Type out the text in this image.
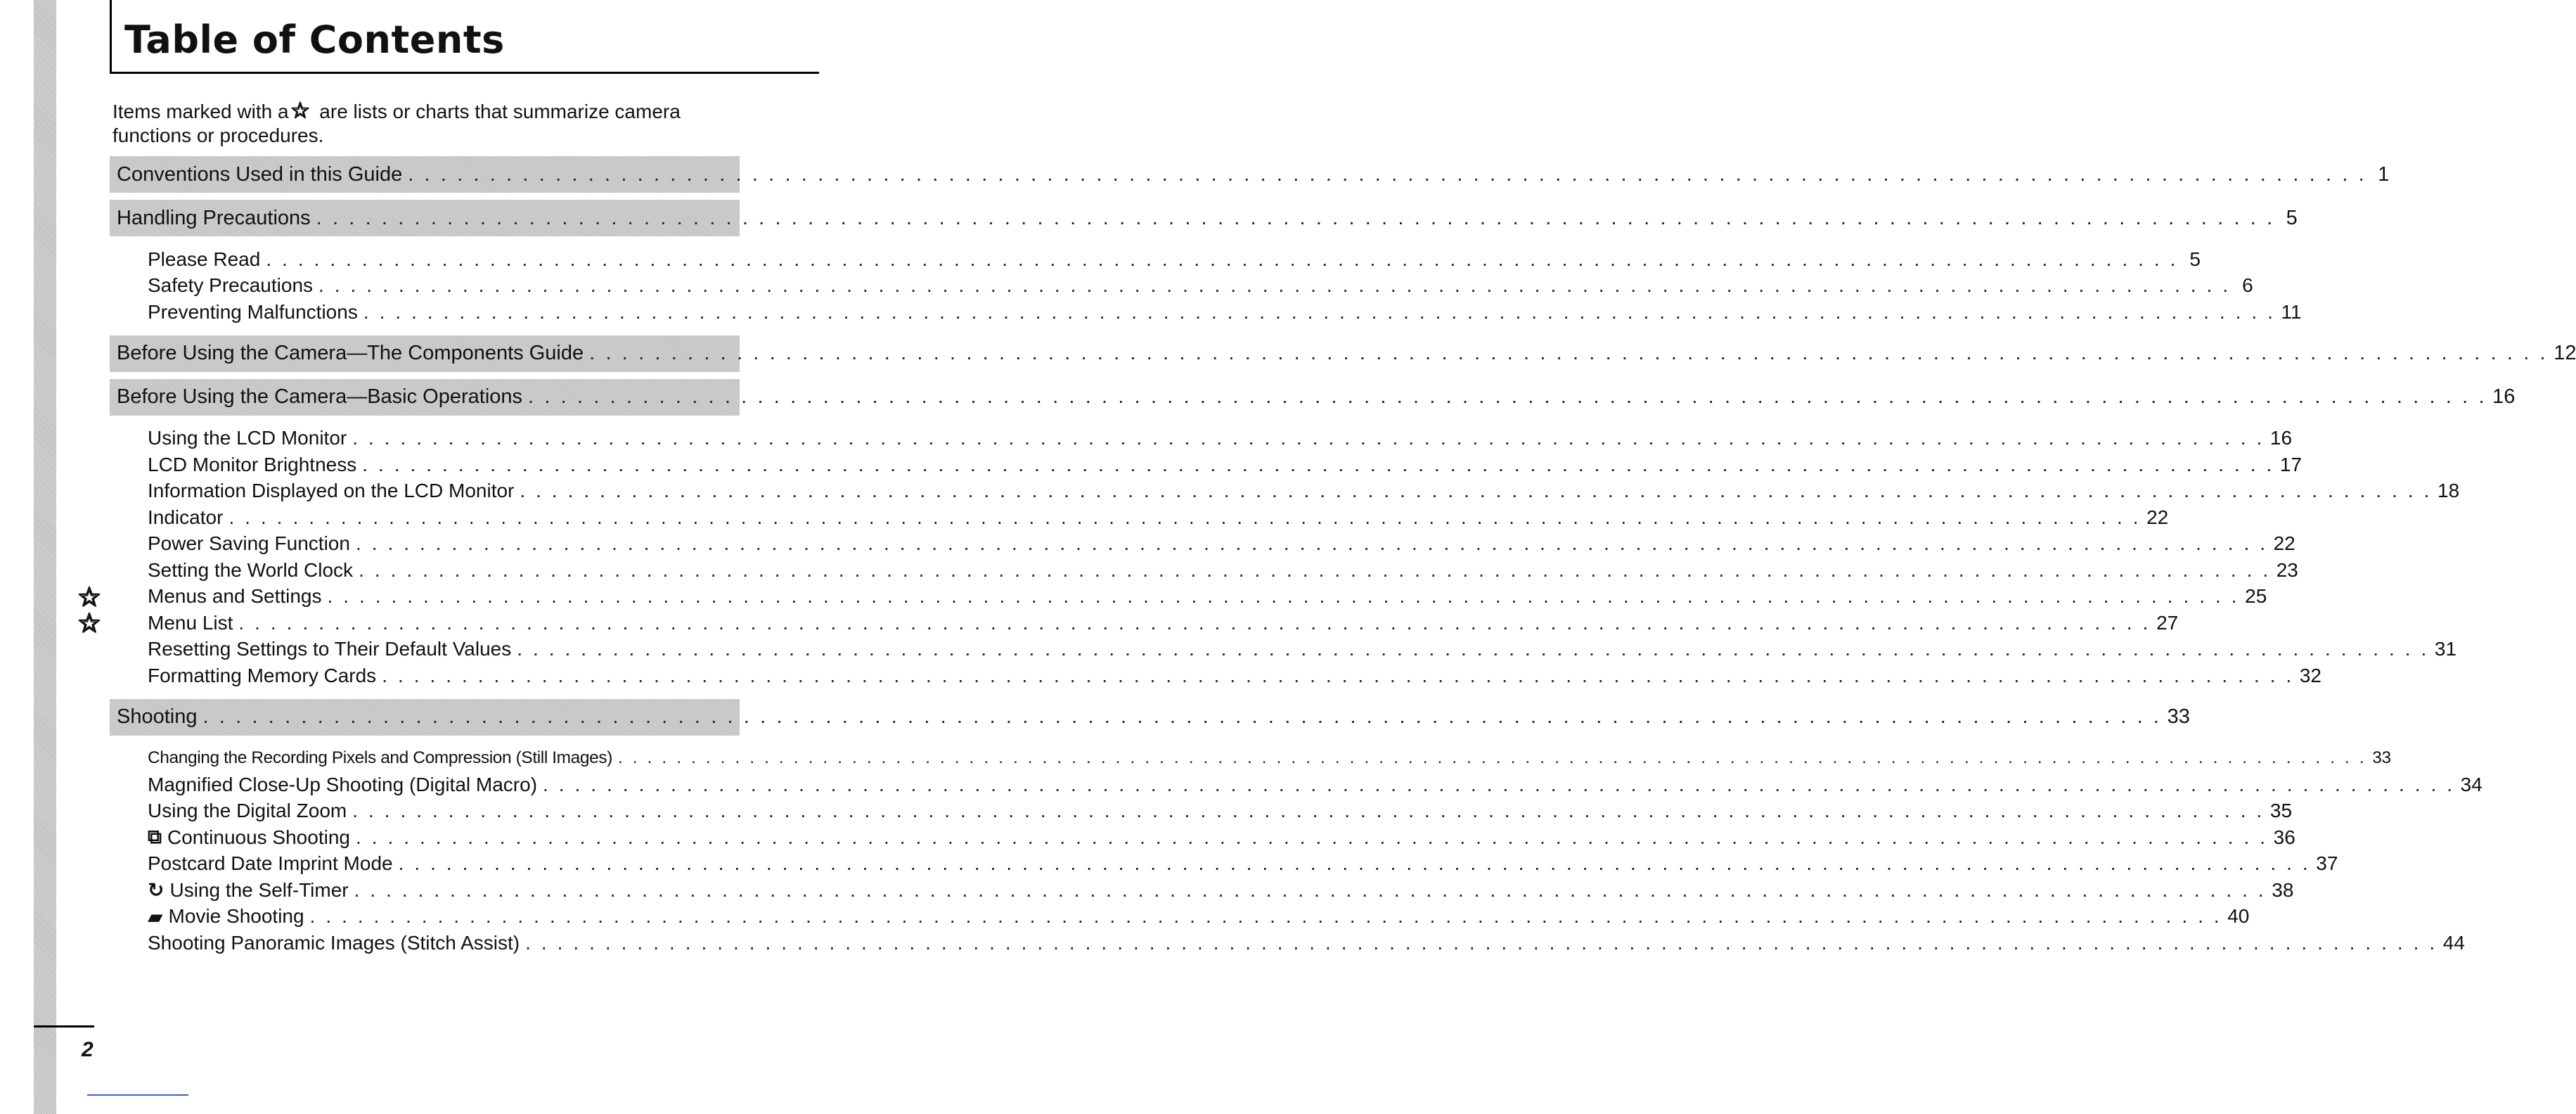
Table of Contents

Items marked with a
are lists or charts that summarize camera functions or procedures.

Conventions Used in this Guide . . . . . . . . . . . . . . . . . . . . . . . . . . . . . . . . . . . . . . . . . . . . . . . . . . . . . . . . . . . . . . . . . . . . . . . . . . . . . . . . . . . . . . . . . . . . . . . . . . . . . . . . . . . . . . . . . . . . . . . . 1
Handling Precautions . . . . . . . . . . . . . . . . . . . . . . . . . . . . . . . . . . . . . . . . . . . . . . . . . . . . . . . . . . . . . . . . . . . . . . . . . . . . . . . . . . . . . . . . . . . . . . . . . . . . . . . . . . . . . . . . . . . . . . . . 5
Please Read . . . . . . . . . . . . . . . . . . . . . . . . . . . . . . . . . . . . . . . . . . . . . . . . . . . . . . . . . . . . . . . . . . . . . . . . . . . . . . . . . . . . . . . . . . . . . . . . . . . . . . . . . . . . . . . . . . . . . . . . 5
Safety Precautions . . . . . . . . . . . . . . . . . . . . . . . . . . . . . . . . . . . . . . . . . . . . . . . . . . . . . . . . . . . . . . . . . . . . . . . . . . . . . . . . . . . . . . . . . . . . . . . . . . . . . . . . . . . . . . . . . . . . . . . . 6
Preventing Malfunctions . . . . . . . . . . . . . . . . . . . . . . . . . . . . . . . . . . . . . . . . . . . . . . . . . . . . . . . . . . . . . . . . . . . . . . . . . . . . . . . . . . . . . . . . . . . . . . . . . . . . . . . . . . . . . . . . . . . . . . . . 11
Before Using the Camera—The Components Guide . . . . . . . . . . . . . . . . . . . . . . . . . . . . . . . . . . . . . . . . . . . . . . . . . . . . . . . . . . . . . . . . . . . . . . . . . . . . . . . . . . . . . . . . . . . . . . . . . . . . . . . . . . . . . . . . . . . . . . . . 12
Before Using the Camera—Basic Operations . . . . . . . . . . . . . . . . . . . . . . . . . . . . . . . . . . . . . . . . . . . . . . . . . . . . . . . . . . . . . . . . . . . . . . . . . . . . . . . . . . . . . . . . . . . . . . . . . . . . . . . . . . . . . . . . . . . . . . . . 16
Using the LCD Monitor . . . . . . . . . . . . . . . . . . . . . . . . . . . . . . . . . . . . . . . . . . . . . . . . . . . . . . . . . . . . . . . . . . . . . . . . . . . . . . . . . . . . . . . . . . . . . . . . . . . . . . . . . . . . . . . . . . . . . . . . 16
LCD Monitor Brightness . . . . . . . . . . . . . . . . . . . . . . . . . . . . . . . . . . . . . . . . . . . . . . . . . . . . . . . . . . . . . . . . . . . . . . . . . . . . . . . . . . . . . . . . . . . . . . . . . . . . . . . . . . . . . . . . . . . . . . . . 17
Information Displayed on the LCD Monitor . . . . . . . . . . . . . . . . . . . . . . . . . . . . . . . . . . . . . . . . . . . . . . . . . . . . . . . . . . . . . . . . . . . . . . . . . . . . . . . . . . . . . . . . . . . . . . . . . . . . . . . . . . . . . . . . . . . . . . . . 18
Indicator . . . . . . . . . . . . . . . . . . . . . . . . . . . . . . . . . . . . . . . . . . . . . . . . . . . . . . . . . . . . . . . . . . . . . . . . . . . . . . . . . . . . . . . . . . . . . . . . . . . . . . . . . . . . . . . . . . . . . . . . 22
Power Saving Function . . . . . . . . . . . . . . . . . . . . . . . . . . . . . . . . . . . . . . . . . . . . . . . . . . . . . . . . . . . . . . . . . . . . . . . . . . . . . . . . . . . . . . . . . . . . . . . . . . . . . . . . . . . . . . . . . . . . . . . . 22
Setting the World Clock . . . . . . . . . . . . . . . . . . . . . . . . . . . . . . . . . . . . . . . . . . . . . . . . . . . . . . . . . . . . . . . . . . . . . . . . . . . . . . . . . . . . . . . . . . . . . . . . . . . . . . . . . . . . . . . . . . . . . . . . 23
Menus and Settings . . . . . . . . . . . . . . . . . . . . . . . . . . . . . . . . . . . . . . . . . . . . . . . . . . . . . . . . . . . . . . . . . . . . . . . . . . . . . . . . . . . . . . . . . . . . . . . . . . . . . . . . . . . . . . . . . . . . . . . . 25
Menu List . . . . . . . . . . . . . . . . . . . . . . . . . . . . . . . . . . . . . . . . . . . . . . . . . . . . . . . . . . . . . . . . . . . . . . . . . . . . . . . . . . . . . . . . . . . . . . . . . . . . . . . . . . . . . . . . . . . . . . . . 27
Resetting Settings to Their Default Values . . . . . . . . . . . . . . . . . . . . . . . . . . . . . . . . . . . . . . . . . . . . . . . . . . . . . . . . . . . . . . . . . . . . . . . . . . . . . . . . . . . . . . . . . . . . . . . . . . . . . . . . . . . . . . . . . . . . . . . . 31
Formatting Memory Cards . . . . . . . . . . . . . . . . . . . . . . . . . . . . . . . . . . . . . . . . . . . . . . . . . . . . . . . . . . . . . . . . . . . . . . . . . . . . . . . . . . . . . . . . . . . . . . . . . . . . . . . . . . . . . . . . . . . . . . . . 32
Shooting . . . . . . . . . . . . . . . . . . . . . . . . . . . . . . . . . . . . . . . . . . . . . . . . . . . . . . . . . . . . . . . . . . . . . . . . . . . . . . . . . . . . . . . . . . . . . . . . . . . . . . . . . . . . . . . . . . . . . . . . 33
Changing the Recording Pixels and Compression (Still Images) . . . . . . . . . . . . . . . . . . . . . . . . . . . . . . . . . . . . . . . . . . . . . . . . . . . . . . . . . . . . . . . . . . . . . . . . . . . . . . . . . . . . . . . . . . . . . . . . . . . . . . . . . . . . . . . . . . . . . . . . 33
Magnified Close-Up Shooting (Digital Macro) . . . . . . . . . . . . . . . . . . . . . . . . . . . . . . . . . . . . . . . . . . . . . . . . . . . . . . . . . . . . . . . . . . . . . . . . . . . . . . . . . . . . . . . . . . . . . . . . . . . . . . . . . . . . . . . . . . . . . . . . 34
Using the Digital Zoom . . . . . . . . . . . . . . . . . . . . . . . . . . . . . . . . . . . . . . . . . . . . . . . . . . . . . . . . . . . . . . . . . . . . . . . . . . . . . . . . . . . . . . . . . . . . . . . . . . . . . . . . . . . . . . . . . . . . . . . . 35
⧉ Continuous Shooting . . . . . . . . . . . . . . . . . . . . . . . . . . . . . . . . . . . . . . . . . . . . . . . . . . . . . . . . . . . . . . . . . . . . . . . . . . . . . . . . . . . . . . . . . . . . . . . . . . . . . . . . . . . . . . . . . . . . . . . . 36
Postcard Date Imprint Mode . . . . . . . . . . . . . . . . . . . . . . . . . . . . . . . . . . . . . . . . . . . . . . . . . . . . . . . . . . . . . . . . . . . . . . . . . . . . . . . . . . . . . . . . . . . . . . . . . . . . . . . . . . . . . . . . . . . . . . . . 37
↻ Using the Self-Timer . . . . . . . . . . . . . . . . . . . . . . . . . . . . . . . . . . . . . . . . . . . . . . . . . . . . . . . . . . . . . . . . . . . . . . . . . . . . . . . . . . . . . . . . . . . . . . . . . . . . . . . . . . . . . . . . . . . . . . . . 38
▰ Movie Shooting . . . . . . . . . . . . . . . . . . . . . . . . . . . . . . . . . . . . . . . . . . . . . . . . . . . . . . . . . . . . . . . . . . . . . . . . . . . . . . . . . . . . . . . . . . . . . . . . . . . . . . . . . . . . . . . . . . . . . . . . 40
Shooting Panoramic Images (Stitch Assist) . . . . . . . . . . . . . . . . . . . . . . . . . . . . . . . . . . . . . . . . . . . . . . . . . . . . . . . . . . . . . . . . . . . . . . . . . . . . . . . . . . . . . . . . . . . . . . . . . . . . . . . . . . . . . . . . . . . . . . . . 44
2
